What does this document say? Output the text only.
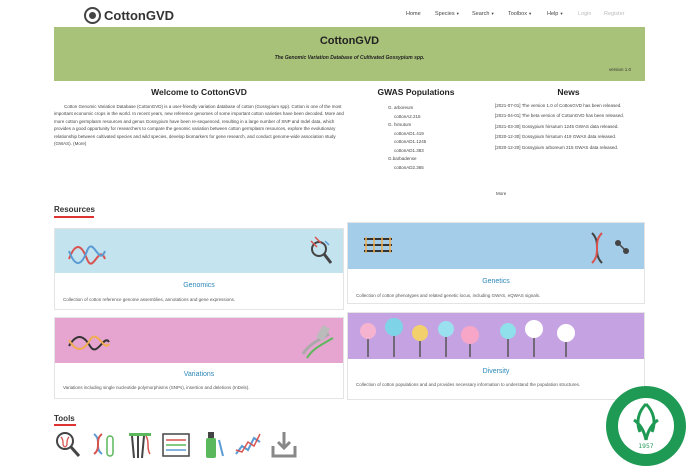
CottonGVD	Home	Species ▾ Search ▾	Toolbox ▾	Help ▾	Login Register
CottonGVD
The Genomic Variation Database of Cultivated Gossypium spp.
version 1.0
Welcome to CottonGVD
Cotton Genomic Variation Database (CottonGVD) is a user-friendly variation database of cotton (Gossypium spp). Cotton is one of the most important economic crops in the world. In recent years, new reference genomes of some important cotton varieties have been decoded. More and more cotton germplasm resources and genus Gossypium have been re-sequenced, resulting in a large number of SNP and Indel data, which provides a good opportunity for researchers to compare the genomic variation between cotton germplasm resources, explore the evolutionary relationship between cultivated species and wild species, develop biomarkers for gene research, and conduct genome-wide association study (GWAS). (More)
GWAS Populations
G. arboreum
cottonA2.215
G. hirsutum
cottonAD1.419
cottonAD1.1245
cottonAD1.383
G.barbadense
cottonAD2.365
News
[2021-07-01] The version 1.0 of CottonGVD has been released.
[2021-04-01] The beta version of CottonGVD has been released.
[2021-03-30] Gossypium hirsutum 1245 GWAS data released.
[2020-12-30] Gossypium hirsutum 419 GWAS data released.
[2020-12-20] Gossypium arboreum 215 GWAS data released.
More
Resources
Genomics
Collection of cotton reference genome assemblies, annotations and gene expressions.
Genetics
Collection of cotton phenotypes and related genetic locus, including GWAS, eQWAS signals.
Variations
Variations including single nucleotide polymorphisms (SNPs), insertion and deletions (InDels).
Diversity
Collection of cotton populations and and provides necessary information to understand the population structures.
Tools
1957
